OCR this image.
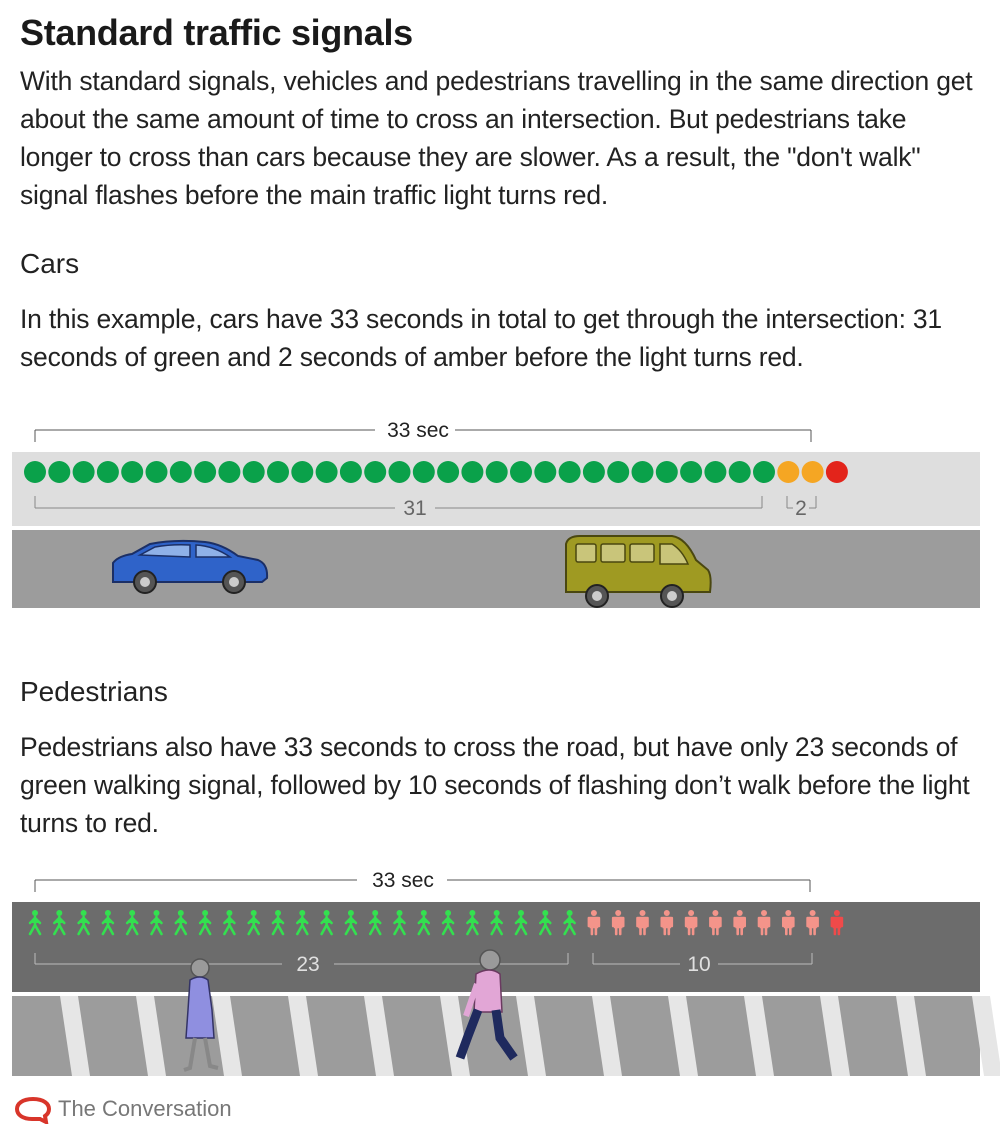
Standard traffic signals
With standard signals, vehicles and pedestrians travelling in the same direction get about the same amount of time to cross an intersection. But pedestrians take longer to cross than cars because they are slower. As a result, the "don't walk" signal flashes before the main traffic light turns red.
Cars
In this example, cars have 33 seconds in total to get through the intersection: 31 seconds of green and 2 seconds of amber before the light turns red.
33 sec
31	2
Pedestrians
Pedestrians also have 33 seconds to cross the road, but have only 23 seconds of green walking signal, followed by 10 seconds of flashing don’t walk before the light turns to red.
33 sec
23	10
The Conversation
